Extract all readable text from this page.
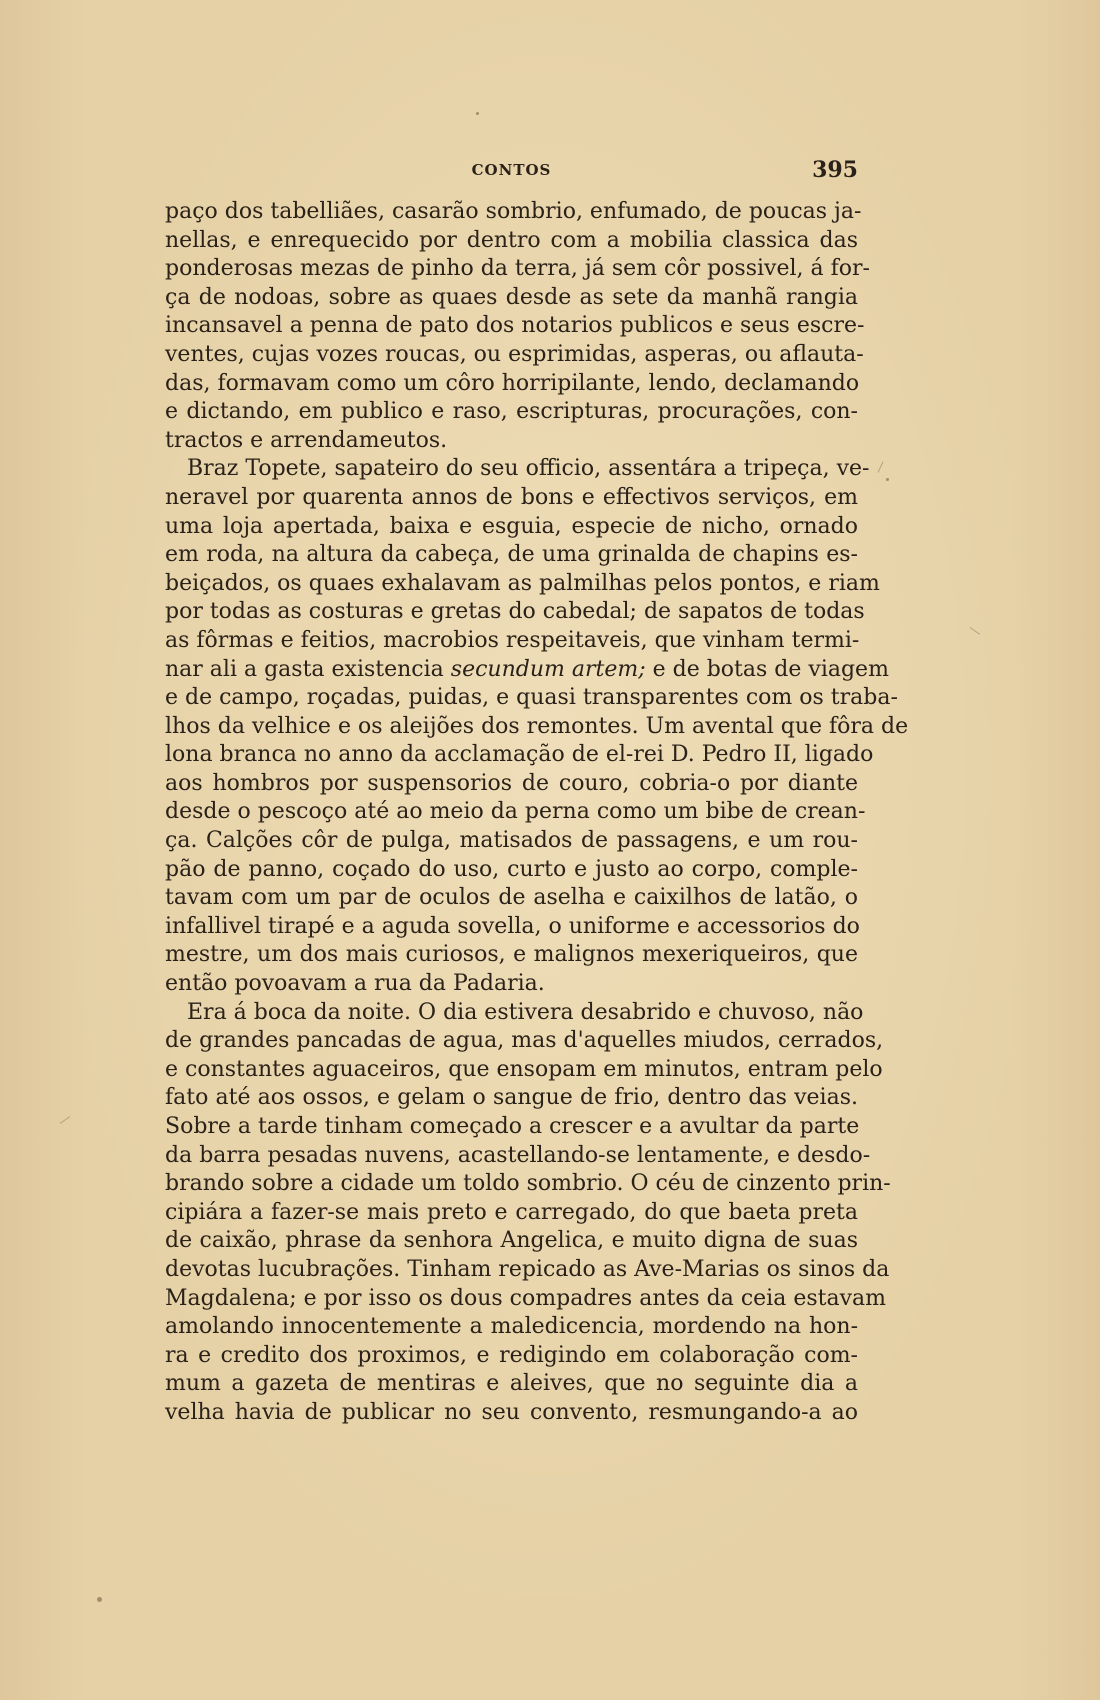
CONTOS	395
paço dos tabelliães, casarão sombrio, enfumado, de poucas ja-
nellas, e enrequecido por dentro com a mobilia classica das
ponderosas mezas de pinho da terra, já sem côr possivel, á for-
ça de nodoas, sobre as quaes desde as sete da manhã rangia
incansavel a penna de pato dos notarios publicos e seus escre-
ventes, cujas vozes roucas, ou esprimidas, asperas, ou aflauta-
das, formavam como um côro horripilante, lendo, declamando
e dictando, em publico e raso, escripturas, procurações, con-
tractos e arrendameutos.
Braz Topete, sapateiro do seu officio, assentára a tripeça, ve-
neravel por quarenta annos de bons e effectivos serviços, em
uma loja apertada, baixa e esguia, especie de nicho, ornado
em roda, na altura da cabeça, de uma grinalda de chapins es-
beiçados, os quaes exhalavam as palmilhas pelos pontos, e riam
por todas as costuras e gretas do cabedal; de sapatos de todas
as fôrmas e feitios, macrobios respeitaveis, que vinham termi-
nar ali a gasta existencia secundum artem; e de botas de viagem
e de campo, roçadas, puidas, e quasi transparentes com os traba-
lhos da velhice e os aleijões dos remontes. Um avental que fôra de
lona branca no anno da acclamação de el-rei D. Pedro II, ligado
aos hombros por suspensorios de couro, cobria-o por diante
desde o pescoço até ao meio da perna como um bibe de crean-
ça. Calções côr de pulga, matisados de passagens, e um rou-
pão de panno, coçado do uso, curto e justo ao corpo, comple-
tavam com um par de oculos de aselha e caixilhos de latão, o
infallivel tirapé e a aguda sovella, o uniforme e accessorios do
mestre, um dos mais curiosos, e malignos mexeriqueiros, que
então povoavam a rua da Padaria.
Era á boca da noite. O dia estivera desabrido e chuvoso, não
de grandes pancadas de agua, mas d'aquelles miudos, cerrados,
e constantes aguaceiros, que ensopam em minutos, entram pelo
fato até aos ossos, e gelam o sangue de frio, dentro das veias.
Sobre a tarde tinham começado a crescer e a avultar da parte
da barra pesadas nuvens, acastellando-se lentamente, e desdo-
brando sobre a cidade um toldo sombrio. O céu de cinzento prin-
cipiára a fazer-se mais preto e carregado, do que baeta preta
de caixão, phrase da senhora Angelica, e muito digna de suas
devotas lucubrações. Tinham repicado as Ave-Marias os sinos da
Magdalena; e por isso os dous compadres antes da ceia estavam
amolando innocentemente a maledicencia, mordendo na hon-
ra e credito dos proximos, e redigindo em colaboração com-
mum a gazeta de mentiras e aleives, que no seguinte dia a
velha havia de publicar no seu convento, resmungando-a ao
